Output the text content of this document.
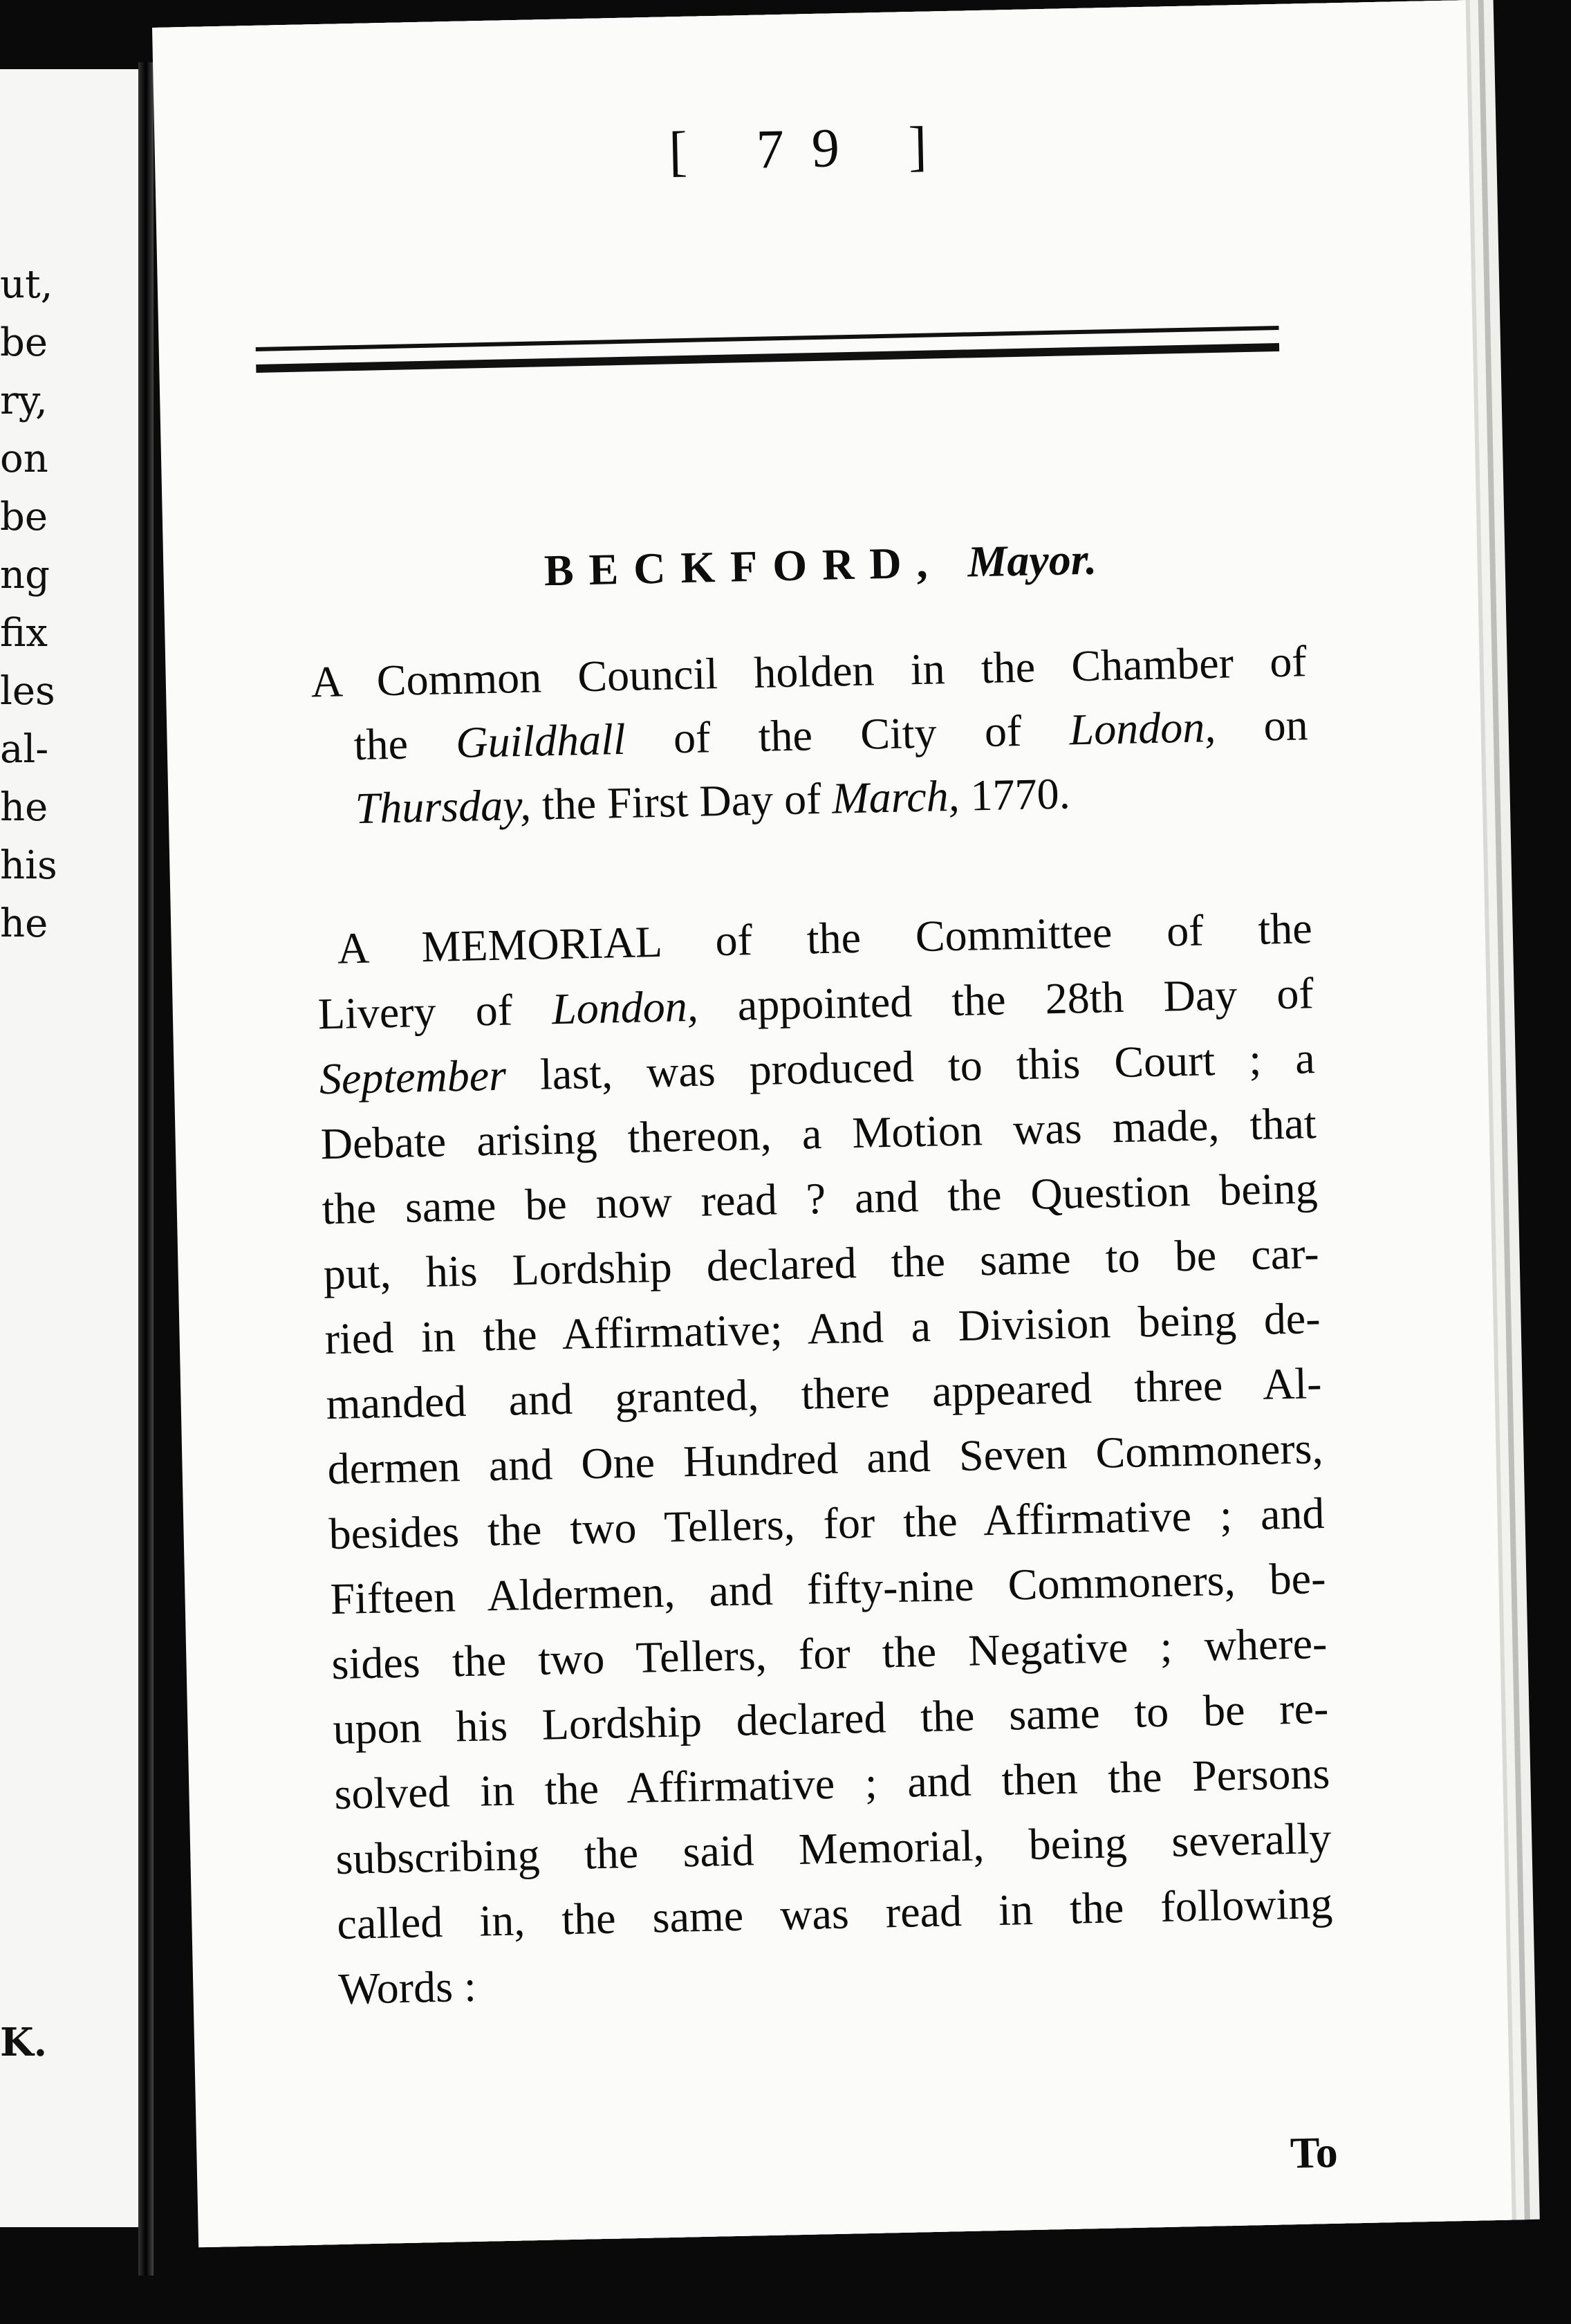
ut,
be
ry,
on
be
ng
fix
les
al-
he
his
he
K.
[ 79 ]
BECKFORD, Mayor.
A Common Council holden in the Chamber of
the Guildhall of the City of London, on
Thursday, the First Day of March, 1770.
A MEMORIAL of the Committee of the
Livery of London, appointed the 28th Day of
September last, was produced to this Court ; a
Debate arising thereon, a Motion was made, that
the same be now read ? and the Question being
put, his Lordship declared the same to be car-
ried in the Affirmative; And a Division being de-
manded and granted, there appeared three Al-
dermen and One Hundred and Seven Commoners,
besides the two Tellers, for the Affirmative ; and
Fifteen Aldermen, and fifty-nine Commoners, be-
sides the two Tellers, for the Negative ; where-
upon his Lordship declared the same to be re-
solved in the Affirmative ; and then the Persons
subscribing the said Memorial, being severally
called in, the same was read in the following
Words :
To
